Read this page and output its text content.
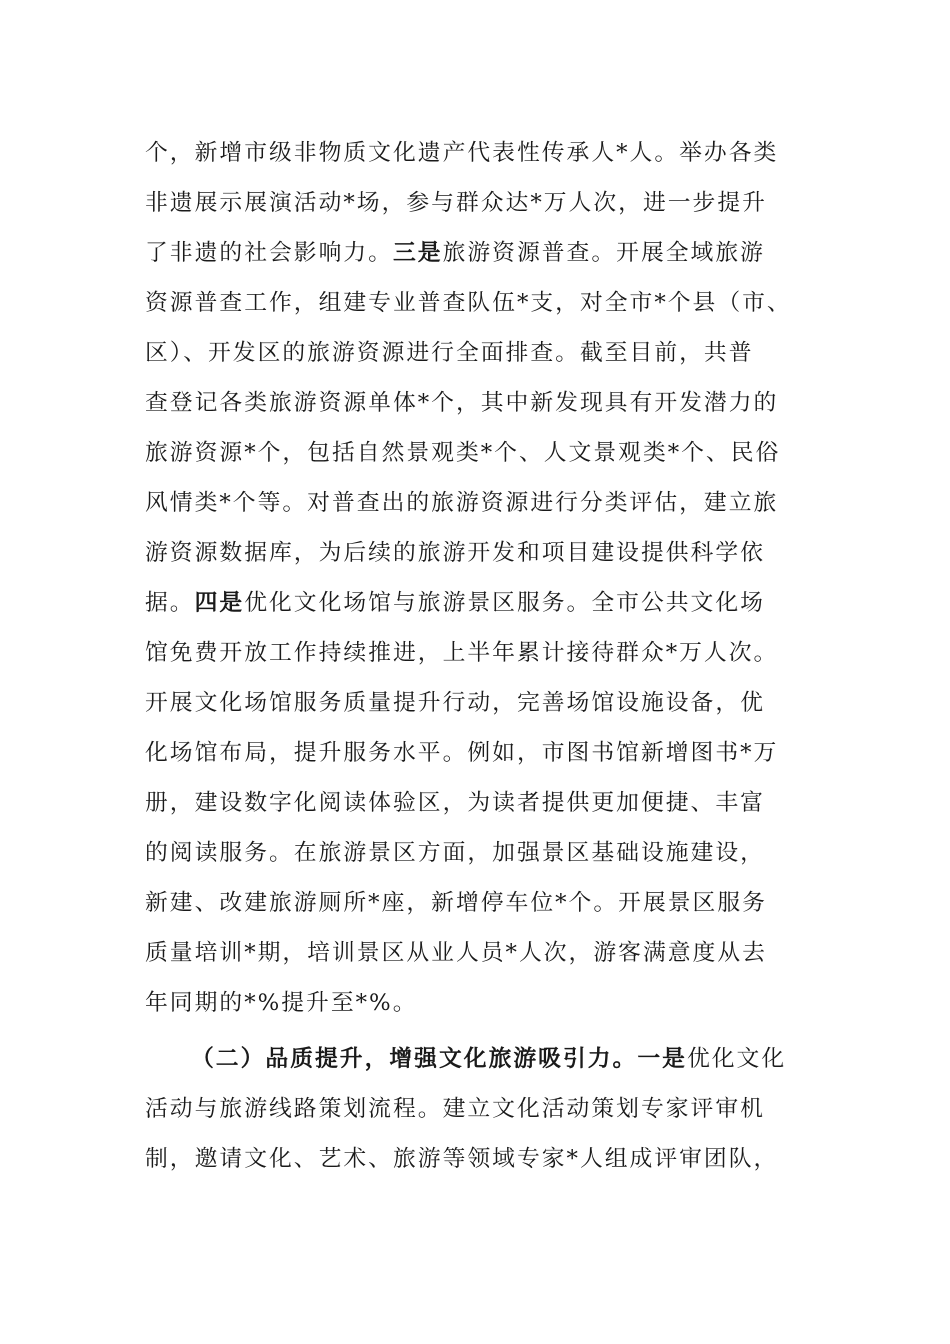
个，新增市级非物质文化遗产代表性传承人*人。举办各类
非遗展示展演活动*场，参与群众达*万人次，进一步提升
了非遗的社会影响力。三是旅游资源普查。开展全域旅游
资源普查工作，组建专业普查队伍*支，对全市*个县（市、
区）、开发区的旅游资源进行全面排查。截至目前，共普
查登记各类旅游资源单体*个，其中新发现具有开发潜力的
旅游资源*个，包括自然景观类*个、人文景观类*个、民俗
风情类*个等。对普查出的旅游资源进行分类评估，建立旅
游资源数据库，为后续的旅游开发和项目建设提供科学依
据。四是优化文化场馆与旅游景区服务。全市公共文化场
馆免费开放工作持续推进，上半年累计接待群众*万人次。
开展文化场馆服务质量提升行动，完善场馆设施设备，优
化场馆布局，提升服务水平。例如，市图书馆新增图书*万
册，建设数字化阅读体验区，为读者提供更加便捷、丰富
的阅读服务。在旅游景区方面，加强景区基础设施建设，
新建、改建旅游厕所*座，新增停车位*个。开展景区服务
质量培训*期，培训景区从业人员*人次，游客满意度从去
年同期的*%提升至*%。
（二）品质提升，增强文化旅游吸引力。一是优化文化
活动与旅游线路策划流程。建立文化活动策划专家评审机
制，邀请文化、艺术、旅游等领域专家*人组成评审团队，
